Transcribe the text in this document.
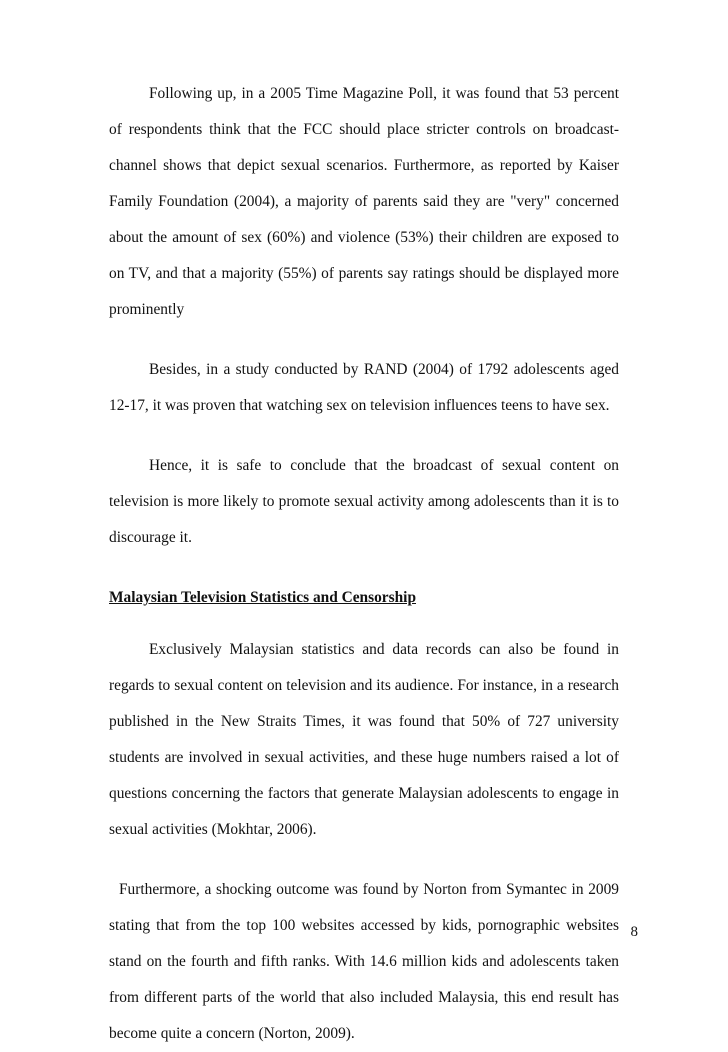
Following up, in a 2005 Time Magazine Poll, it was found that 53 percent of respondents think that the FCC should place stricter controls on broadcast-channel shows that depict sexual scenarios. Furthermore, as reported by Kaiser Family Foundation (2004), a majority of parents said they are "very" concerned about the amount of sex (60%) and violence (53%) their children are exposed to on TV, and that a majority (55%) of parents say ratings should be displayed more prominently

Besides, in a study conducted by RAND (2004) of 1792 adolescents aged 12-17, it was proven that watching sex on television influences teens to have sex.

Hence, it is safe to conclude that the broadcast of sexual content on television is more likely to promote sexual activity among adolescents than it is to discourage it.

Malaysian Television Statistics and Censorship

Exclusively Malaysian statistics and data records can also be found in regards to sexual content on television and its audience. For instance, in a research published in the New Straits Times, it was found that 50% of 727 university students are involved in sexual activities, and these huge numbers raised a lot of questions concerning the factors that generate Malaysian adolescents to engage in sexual activities (Mokhtar, 2006).

Furthermore, a shocking outcome was found by Norton from Symantec in 2009 stating that from the top 100 websites accessed by kids, pornographic websites stand on the fourth and fifth ranks. With 14.6 million kids and adolescents taken from different parts of the world that also included Malaysia, this end result has become quite a concern (Norton, 2009).

8
